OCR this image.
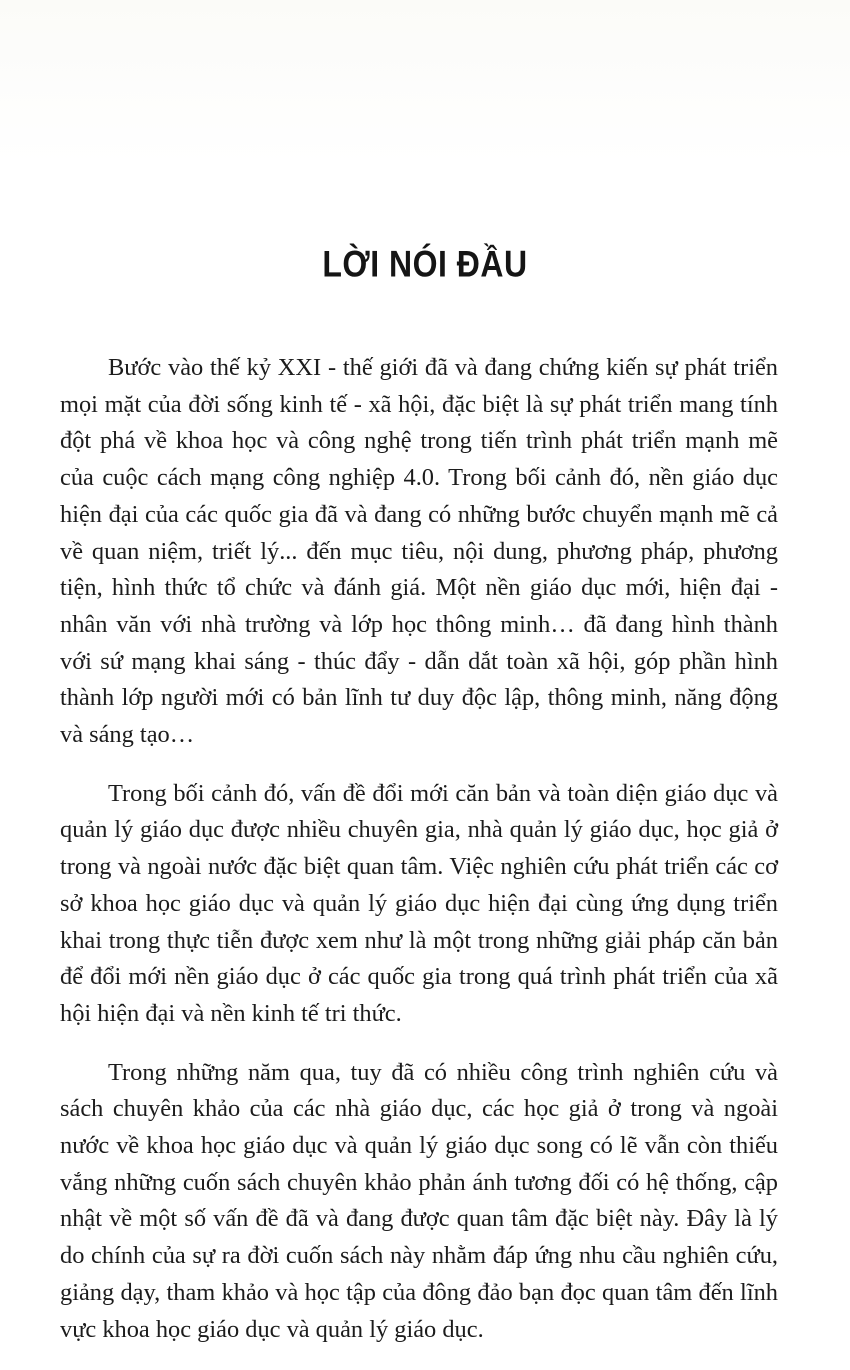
LỜI NÓI ĐẦU

Bước vào thế kỷ XXI - thế giới đã và đang chứng kiến sự phát triển mọi mặt của đời sống kinh tế - xã hội, đặc biệt là sự phát triển mang tính đột phá về khoa học và công nghệ trong tiến trình phát triển mạnh mẽ của cuộc cách mạng công nghiệp 4.0. Trong bối cảnh đó, nền giáo dục hiện đại của các quốc gia đã và đang có những bước chuyển mạnh mẽ cả về quan niệm, triết lý... đến mục tiêu, nội dung, phương pháp, phương tiện, hình thức tổ chức và đánh giá. Một nền giáo dục mới, hiện đại - nhân văn với nhà trường và lớp học thông minh… đã đang hình thành với sứ mạng khai sáng - thúc đẩy - dẫn dắt toàn xã hội, góp phần hình thành lớp người mới có bản lĩnh tư duy độc lập, thông minh, năng động và sáng tạo…

Trong bối cảnh đó, vấn đề đổi mới căn bản và toàn diện giáo dục và quản lý giáo dục được nhiều chuyên gia, nhà quản lý giáo dục, học giả ở trong và ngoài nước đặc biệt quan tâm. Việc nghiên cứu phát triển các cơ sở khoa học giáo dục và quản lý giáo dục hiện đại cùng ứng dụng triển khai trong thực tiễn được xem như là một trong những giải pháp căn bản để đổi mới nền giáo dục ở các quốc gia trong quá trình phát triển của xã hội hiện đại và nền kinh tế tri thức.

Trong những năm qua, tuy đã có nhiều công trình nghiên cứu và sách chuyên khảo của các nhà giáo dục, các học giả ở trong và ngoài nước về khoa học giáo dục và quản lý giáo dục song có lẽ vẫn còn thiếu vắng những cuốn sách chuyên khảo phản ánh tương đối có hệ thống, cập nhật về một số vấn đề đã và đang được quan tâm đặc biệt này. Đây là lý do chính của sự ra đời cuốn sách này nhằm đáp ứng nhu cầu nghiên cứu, giảng dạy, tham khảo và học tập của đông đảo bạn đọc quan tâm đến lĩnh vực khoa học giáo dục và quản lý giáo dục.
